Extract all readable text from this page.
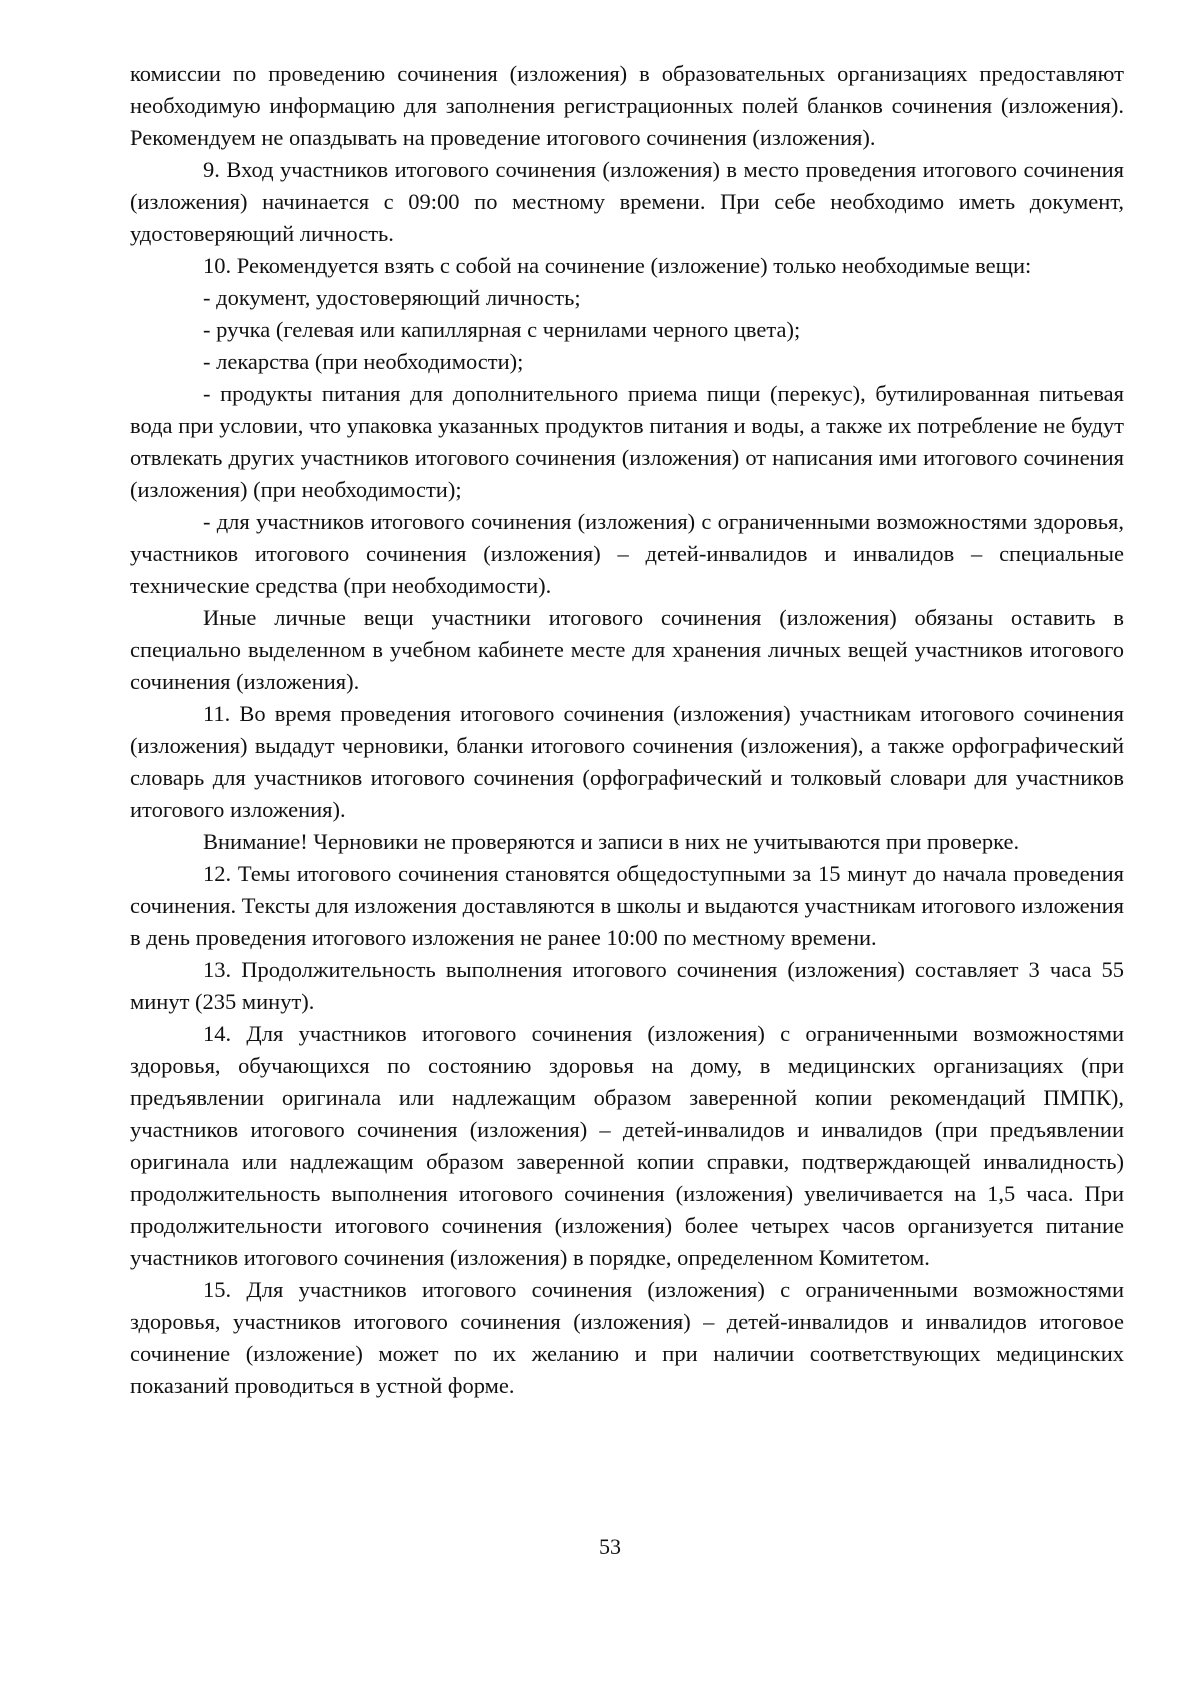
комиссии по проведению сочинения (изложения) в образовательных организациях предоставляют необходимую информацию для заполнения регистрационных полей бланков сочинения (изложения). Рекомендуем не опаздывать на проведение итогового сочинения (изложения).

9. Вход участников итогового сочинения (изложения) в место проведения итогового сочинения (изложения) начинается с 09:00 по местному времени. При себе необходимо иметь документ, удостоверяющий личность.

10. Рекомендуется взять с собой на сочинение (изложение) только необходимые вещи:

- документ, удостоверяющий личность;

- ручка (гелевая или капиллярная с чернилами черного цвета);

- лекарства (при необходимости);

- продукты питания для дополнительного приема пищи (перекус), бутилированная питьевая вода при условии, что упаковка указанных продуктов питания и воды, а также их потребление не будут отвлекать других участников итогового сочинения (изложения) от написания ими итогового сочинения (изложения) (при необходимости);

- для участников итогового сочинения (изложения) с ограниченными возможностями здоровья, участников итогового сочинения (изложения) – детей-инвалидов и инвалидов – специальные технические средства (при необходимости).

Иные личные вещи участники итогового сочинения (изложения) обязаны оставить в специально выделенном в учебном кабинете месте для хранения личных вещей участников итогового сочинения (изложения).

11. Во время проведения итогового сочинения (изложения) участникам итогового сочинения (изложения) выдадут черновики, бланки итогового сочинения (изложения), а также орфографический словарь для участников итогового сочинения (орфографический и толковый словари для участников итогового изложения).

Внимание! Черновики не проверяются и записи в них не учитываются при проверке.

12. Темы итогового сочинения становятся общедоступными за 15 минут до начала проведения сочинения. Тексты для изложения доставляются в школы и выдаются участникам итогового изложения в день проведения итогового изложения не ранее 10:00 по местному времени.

13. Продолжительность выполнения итогового сочинения (изложения) составляет 3 часа 55 минут (235 минут).

14. Для участников итогового сочинения (изложения) с ограниченными возможностями здоровья, обучающихся по состоянию здоровья на дому, в медицинских организациях (при предъявлении оригинала или надлежащим образом заверенной копии рекомендаций ПМПК), участников итогового сочинения (изложения) – детей-инвалидов и инвалидов (при предъявлении оригинала или надлежащим образом заверенной копии справки, подтверждающей инвалидность) продолжительность выполнения итогового сочинения (изложения) увеличивается на 1,5 часа. При продолжительности итогового сочинения (изложения) более четырех часов организуется питание участников итогового сочинения (изложения) в порядке, определенном Комитетом.

15. Для участников итогового сочинения (изложения) с ограниченными возможностями здоровья, участников итогового сочинения (изложения) – детей-инвалидов и инвалидов итоговое сочинение (изложение) может по их желанию и при наличии соответствующих медицинских показаний проводиться в устной форме.

53
